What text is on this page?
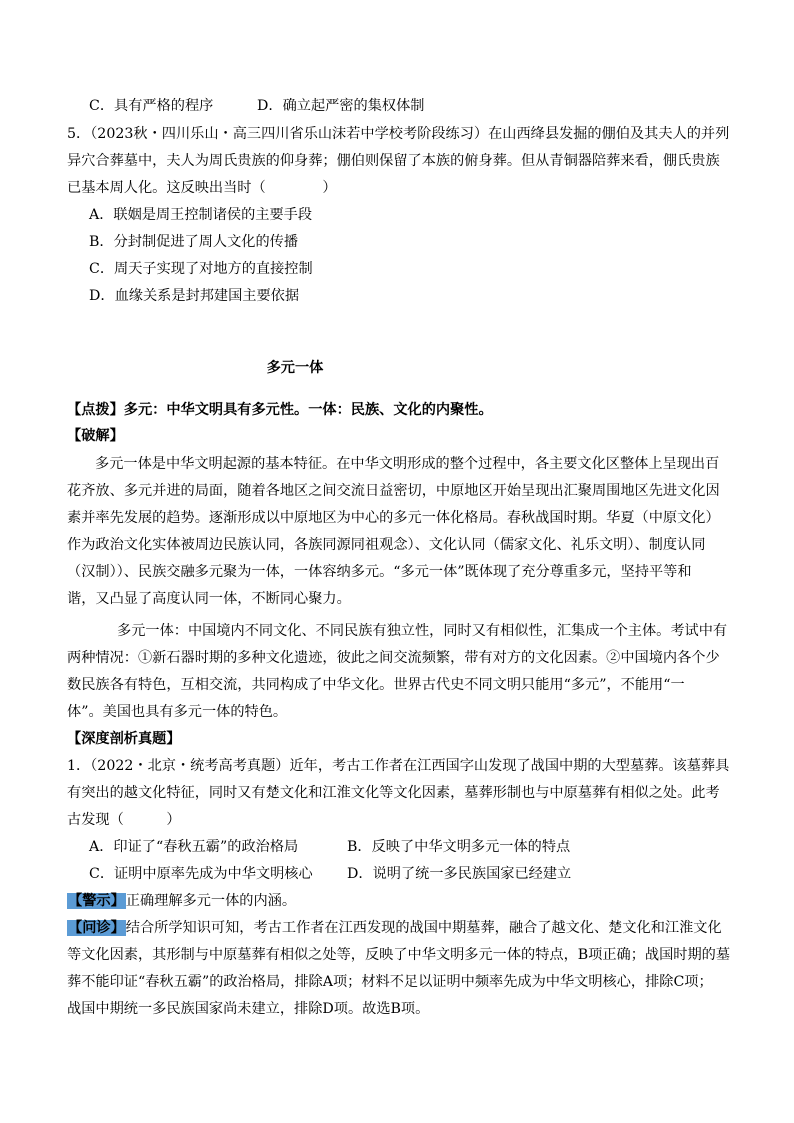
C．具有严格的程序	D．确立起严密的集权体制
5．（2023秋・四川乐山・高三四川省乐山沫若中学校考阶段练习）在山西绛县发掘的倗伯及其夫人的并列
异穴合葬墓中，夫人为周氏贵族的仰身葬；倗伯则保留了本族的俯身葬。但从青铜器陪葬来看，倗氏贵族
已基本周人化。这反映出当时（　　　　）
A．联姻是周王控制诸侯的主要手段
B．分封制促进了周人文化的传播
C．周天子实现了对地方的直接控制
D．血缘关系是封邦建国主要依据
多元一体
【点拨】多元：中华文明具有多元性。一体：民族、文化的内聚性。
【破解】
多元一体是中华文明起源的基本特征。在中华文明形成的整个过程中，各主要文化区整体上呈现出百
花齐放、多元并进的局面，随着各地区之间交流日益密切，中原地区开始呈现出汇聚周围地区先进文化因
素并率先发展的趋势。逐渐形成以中原地区为中心的多元一体化格局。春秋战国时期。华夏（中原文化）
作为政治文化实体被周边民族认同，各族同源同祖观念）、文化认同（儒家文化、礼乐文明）、制度认同
（汉制））、民族交融多元聚为一体，一体容纳多元。“多元一体”既体现了充分尊重多元，坚持平等和
谐，又凸显了高度认同一体，不断同心聚力。
多元一体：中国境内不同文化、不同民族有独立性，同时又有相似性，汇集成一个主体。考试中有
两种情况：①新石器时期的多种文化遗迹，彼此之间交流频繁，带有对方的文化因素。②中国境内各个少
数民族各有特色，互相交流，共同构成了中华文化。世界古代史不同文明只能用“多元”，不能用“一
体”。美国也具有多元一体的特色。
【深度剖析真题】
1．（2022・北京・统考高考真题）近年，考古工作者在江西国字山发现了战国中期的大型墓葬。该墓葬具
有突出的越文化特征，同时又有楚文化和江淮文化等文化因素，墓葬形制也与中原墓葬有相似之处。此考
古发现（　　　）
A．印证了“春秋五霸”的政治格局	B．反映了中华文明多元一体的特点
C．证明中原率先成为中华文明核心 D．说明了统一多民族国家已经建立
【警示】正确理解多元一体的内涵。
【问诊】结合所学知识可知，考古工作者在江西发现的战国中期墓葬，融合了越文化、楚文化和江淮文化
等文化因素，其形制与中原墓葬有相似之处等，反映了中华文明多元一体的特点，B项正确；战国时期的墓
葬不能印证“春秋五霸”的政治格局，排除A项；材料不足以证明中频率先成为中华文明核心，排除C项；
战国中期统一多民族国家尚未建立，排除D项。故选B项。
